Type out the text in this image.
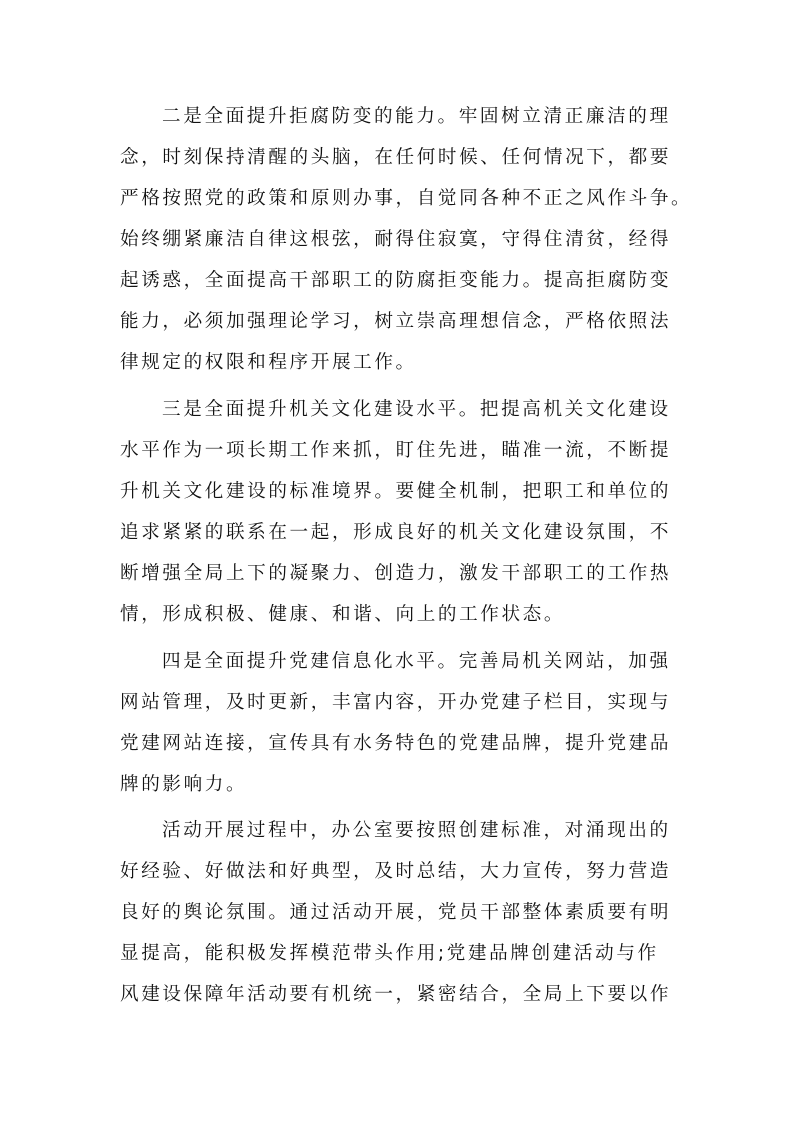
二是全面提升拒腐防变的能力。牢固树立清正廉洁的理
念，时刻保持清醒的头脑，在任何时候、任何情况下，都要
严格按照党的政策和原则办事，自觉同各种不正之风作斗争。
始终绷紧廉洁自律这根弦，耐得住寂寞，守得住清贫，经得
起诱惑，全面提高干部职工的防腐拒变能力。提高拒腐防变
能力，必须加强理论学习，树立崇高理想信念，严格依照法
律规定的权限和程序开展工作。
三是全面提升机关文化建设水平。把提高机关文化建设
水平作为一项长期工作来抓，盯住先进，瞄准一流，不断提
升机关文化建设的标准境界。要健全机制，把职工和单位的
追求紧紧的联系在一起，形成良好的机关文化建设氛围，不
断增强全局上下的凝聚力、创造力，激发干部职工的工作热
情，形成积极、健康、和谐、向上的工作状态。
四是全面提升党建信息化水平。完善局机关网站，加强
网站管理，及时更新，丰富内容，开办党建子栏目，实现与
党建网站连接，宣传具有水务特色的党建品牌，提升党建品
牌的影响力。
活动开展过程中，办公室要按照创建标准，对涌现出的
好经验、好做法和好典型，及时总结，大力宣传，努力营造
良好的舆论氛围。通过活动开展，党员干部整体素质要有明
显提高，能积极发挥模范带头作用;党建品牌创建活动与作
风建设保障年活动要有机统一，紧密结合，全局上下要以作
